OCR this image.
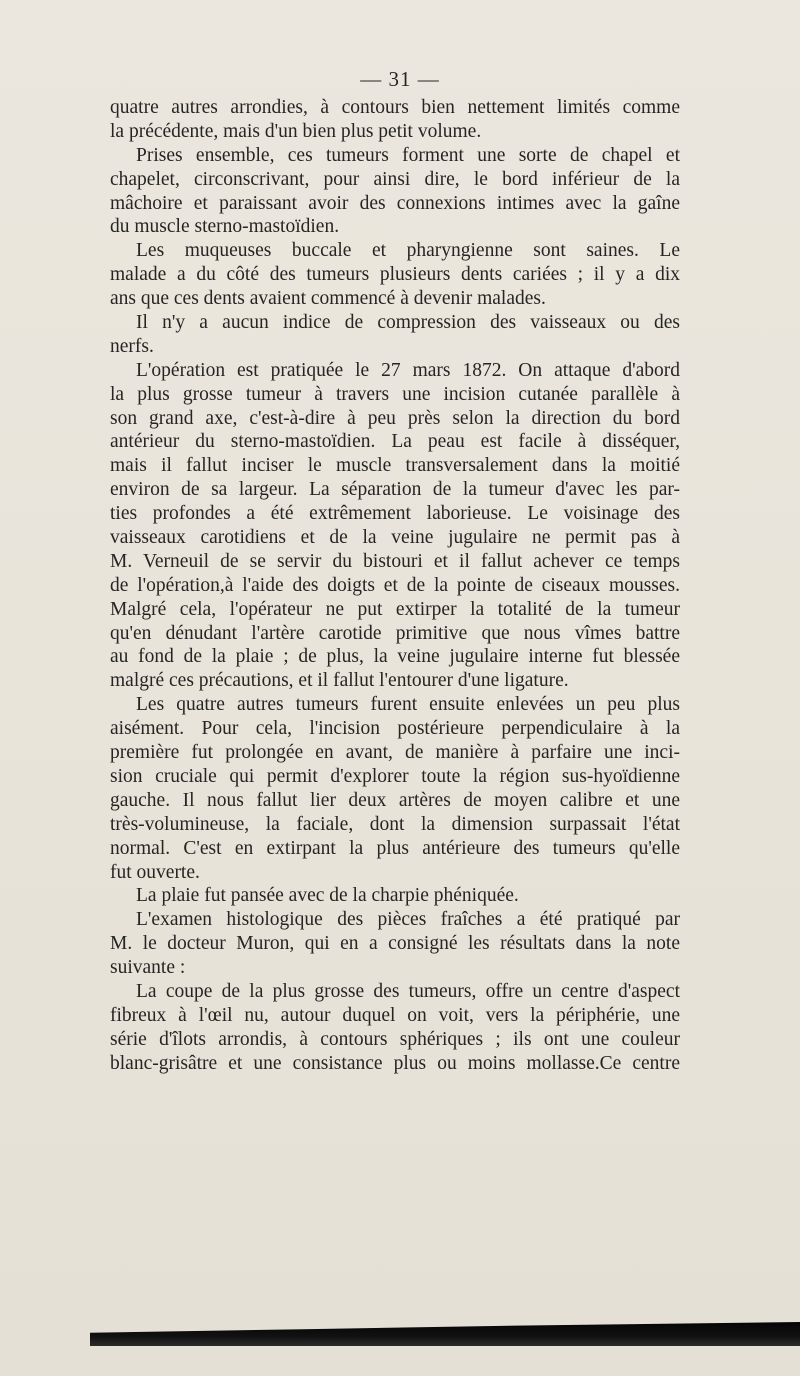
— 31 —
quatre autres arrondies, à contours bien nettement limités comme
la précédente, mais d'un bien plus petit volume.
Prises ensemble, ces tumeurs forment une sorte de chapel et
chapelet, circonscrivant, pour ainsi dire, le bord inférieur de la
mâchoire et paraissant avoir des connexions intimes avec la gaîne
du muscle sterno-mastoïdien.
Les muqueuses buccale et pharyngienne sont saines. Le
malade a du côté des tumeurs plusieurs dents cariées ; il y a dix
ans que ces dents avaient commencé à devenir malades.
Il n'y a aucun indice de compression des vaisseaux ou des
nerfs.
L'opération est pratiquée le 27 mars 1872. On attaque d'abord
la plus grosse tumeur à travers une incision cutanée parallèle à
son grand axe, c'est-à-dire à peu près selon la direction du bord
antérieur du sterno-mastoïdien. La peau est facile à disséquer,
mais il fallut inciser le muscle transversalement dans la moitié
environ de sa largeur. La séparation de la tumeur d'avec les par-
ties profondes a été extrêmement laborieuse. Le voisinage des
vaisseaux carotidiens et de la veine jugulaire ne permit pas à
M. Verneuil de se servir du bistouri et il fallut achever ce temps
de l'opération,à l'aide des doigts et de la pointe de ciseaux mousses.
Malgré cela, l'opérateur ne put extirper la totalité de la tumeur
qu'en dénudant l'artère carotide primitive que nous vîmes battre
au fond de la plaie ; de plus, la veine jugulaire interne fut blessée
malgré ces précautions, et il fallut l'entourer d'une ligature.
Les quatre autres tumeurs furent ensuite enlevées un peu plus
aisément. Pour cela, l'incision postérieure perpendiculaire à la
première fut prolongée en avant, de manière à parfaire une inci-
sion cruciale qui permit d'explorer toute la région sus-hyoïdienne
gauche. Il nous fallut lier deux artères de moyen calibre et une
très-volumineuse, la faciale, dont la dimension surpassait l'état
normal. C'est en extirpant la plus antérieure des tumeurs qu'elle
fut ouverte.
La plaie fut pansée avec de la charpie phéniquée.
L'examen histologique des pièces fraîches a été pratiqué par
M. le docteur Muron, qui en a consigné les résultats dans la note
suivante :
La coupe de la plus grosse des tumeurs, offre un centre d'aspect
fibreux à l'œil nu, autour duquel on voit, vers la périphérie, une
série d'îlots arrondis, à contours sphériques ; ils ont une couleur
blanc-grisâtre et une consistance plus ou moins mollasse.Ce centre
